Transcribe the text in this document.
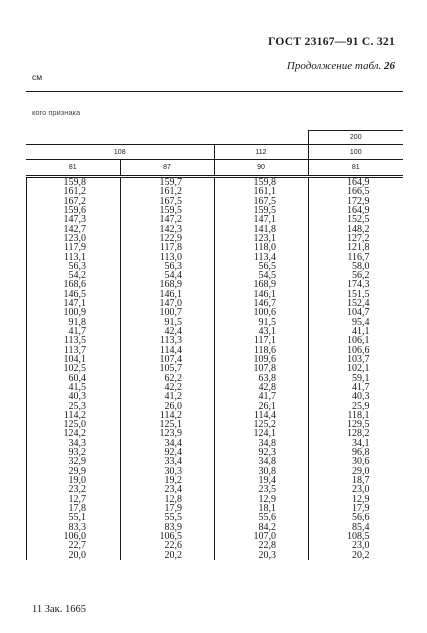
ГОСТ 23167—91 С. 321
Продолжение табл. 26
см
кого признака
			200
108		112	100
81	87	90	81
159,8	159,7	159,8	164,9
161,2	161,2	161,1	166,5
167,2	167,5	167,5	172,9
159,6	159,5	159,5	164,9
147,3	147,2	147,1	152,5
142,7	142,3	141,8	148,2
123,0	122,9	123,1	127,2
117,9	117,8	118,0	121,8
113,1	113,0	113,4	116,7
56,3	56,3	56,5	58,0
54,2	54,4	54,5	56,2
168,6	168,9	168,9	174,3
146,5	146,1	146,1	151,5
147,1	147,0	146,7	152,4
100,9	100,7	100,6	104,7
91,8	91,5	91,5	95,4
41,7	42,4	43,1	41,1
113,5	113,3	117,1	106,1
113,7	114,4	118,6	106,6
104,1	107,4	109,6	103,7
102,5	105,7	107,8	102,1
60,4	62,2	63,8	59,1
41,5	42,2	42,8	41,7
40,3	41,2	41,7	40,3
25,3	26,0	26,1	25,9
114,2	114,2	114,4	118,1
125,0	125,1	125,2	129,5
124,2	123,9	124,1	128,2
34,3	34,4	34,8	34,1
93,2	92,4	92,3	96,8
32,9	33,4	34,8	30,6
29,9	30,3	30,8	29,0
19,0	19,2	19,4	18,7
23,2	23,4	23,5	23,0
12,7	12,8	12,9	12,9
17,8	17,9	18,1	17,9
55,1	55,5	55,6	56,6
83,3	83,9	84,2	85,4
106,0	106,5	107,0	108,5
22,7	22,6	22,8	23,0
20,0	20,2	20,3	20,2
11 Зак. 1665
